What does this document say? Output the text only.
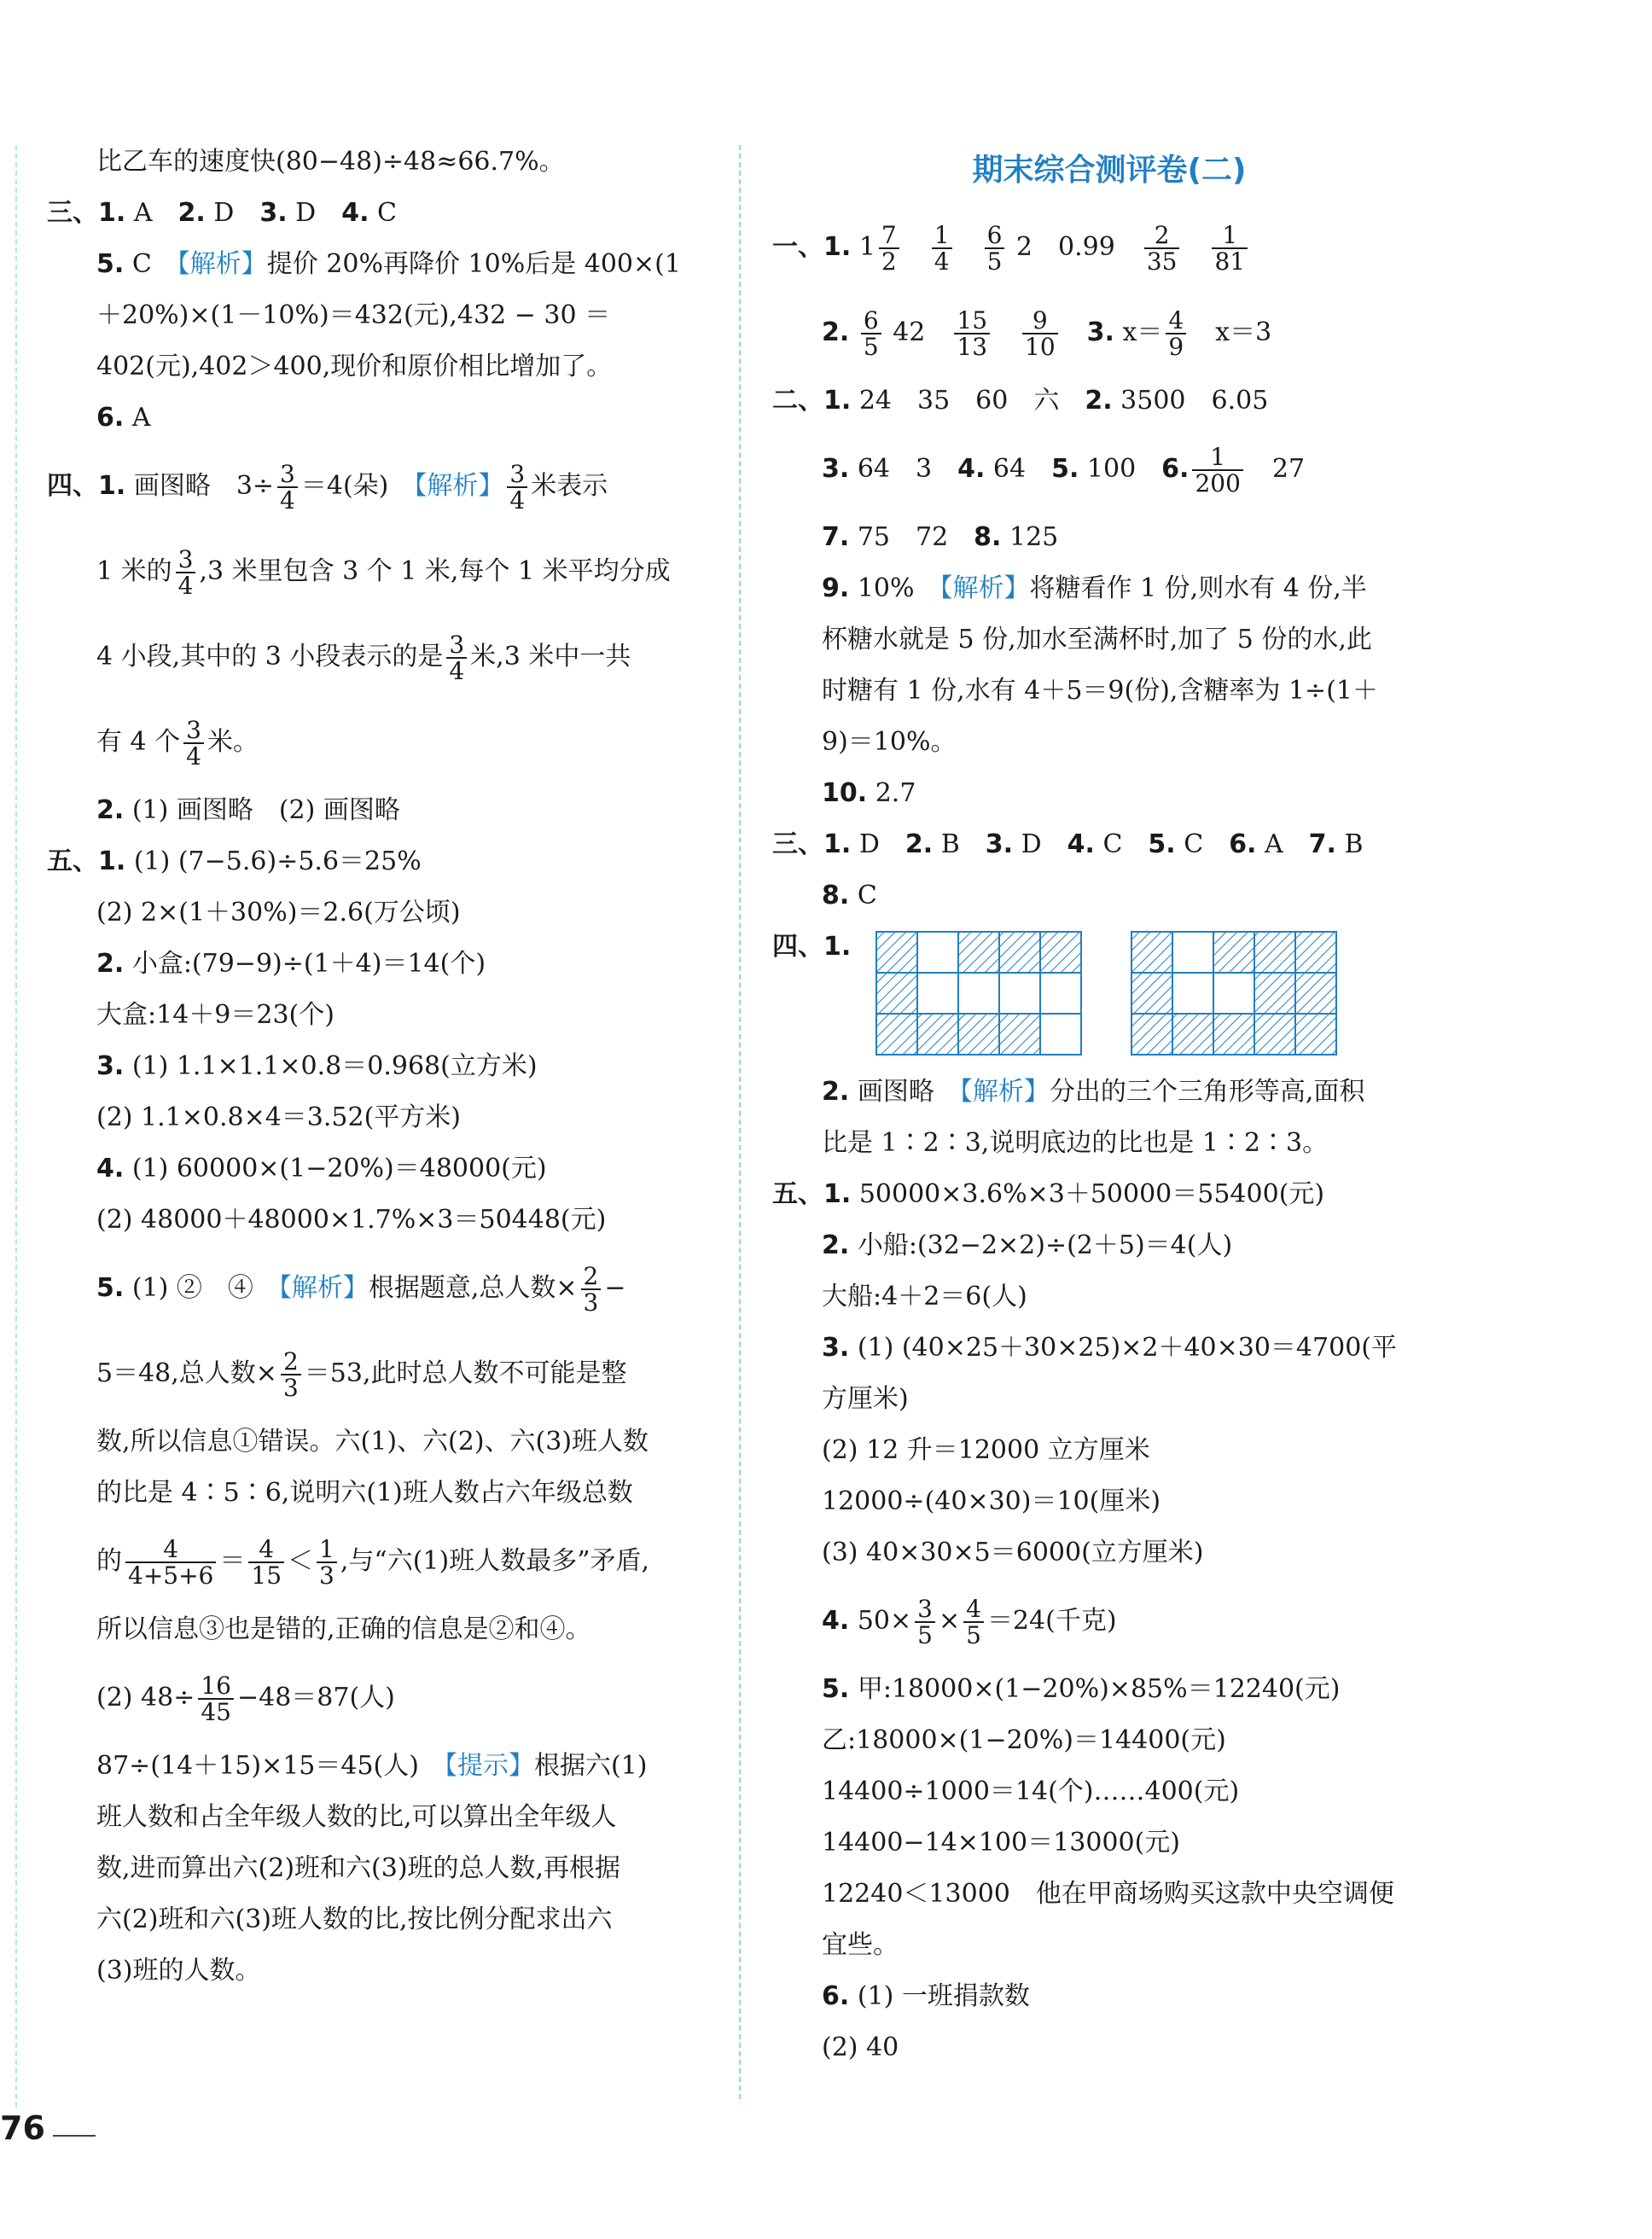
比乙车的速度快(80−48)÷48≈66.7%。
三、1. A　2. D　3. D　4. C
5. C　【解析】提价 20%再降价 10%后是 400×(1
＋20%)×(1－10%)＝432(元),432 − 30 ＝
402(元),402＞400,现价和原价相比增加了。
6. A
四、1. 画图略　$3\div \frac{3}{4} =4$(朵)　【解析】 $\frac{3}{4}$ 米表示
1 米的 $\frac{3}{4} ,3$ 米里包含 3 个 1 米,每个 1 米平均分成
4 小段,其中的 3 小段表示的是 $\frac{3}{4}$ 米,3 米中一共
有 4 个 $\frac{3}{4}$ 米。
2. (1) 画图略　(2) 画图略
五、1. (1) (7−5.6)÷5.6＝25%
(2) 2×(1＋30%)＝2.6(万公顷)
2. 小盒:(79−9)÷(1＋4)＝14(个)
大盒:14＋9＝23(个)
3. (1) 1.1×1.1×0.8＝0.968(立方米)
(2) 1.1×0.8×4＝3.52(平方米)
4. (1) 60000×(1−20%)＝48000(元)
(2) 48000＋48000×1.7%×3＝50448(元)
5. (1) ②　④　【解析】根据题意,总人数× $\frac{2}{3}$ −
5＝48,总人数× $\frac{2}{3} =53$,此时总人数不可能是整
数,所以信息①错误。六(1)、六(2)、六(3)班人数
的比是 4∶5∶6,说明六(1)班人数占六年级总数
的 $\frac{4}{4+5+6} = \frac{4}{15} < \frac{1}{3}$ ,与“六(1)班人数最多”矛盾,
所以信息③也是错的,正确的信息是②和④。
(2) $48\div \frac{16}{45} -48=87$(人)
87÷(14＋15)×15＝45(人)　【提示】根据六(1)
班人数和占全年级人数的比,可以算出全年级人
数,进而算出六(2)班和六(3)班的总人数,再根据
六(2)班和六(3)班人数的比,按比例分配求出六
(3)班的人数。
期末综合测评卷(二)
一、1. $1 \frac{7}{2}$
　 $\frac{1}{4}$
　 $\frac{6}{5} 2$　0.99　 $\frac{2}{35}$
　 $\frac{1}{81}$
2. $\frac{6}{5} 42$　 $\frac{15}{13}$
　 $\frac{9}{10}$
　 3. $x= \frac{4}{9}$ 　x＝3
二、1. 24　35　60　六　2. 3500　6.05
3. 64　3　4. 64　5. 100　6. $\frac{1}{200}$ 　27
7. 75　72　8. 125
9. 10%　【解析】将糖看作 1 份,则水有 4 份,半
杯糖水就是 5 份,加水至满杯时,加了 5 份的水,此
时糖有 1 份,水有 4＋5＝9(份),含糖率为 1÷(1＋
9)＝10%。
10. 2.7
三、1. D　2. B　3. D　4. C　5. C　6. A　7. B
8. C
四、1.
2. 画图略　【解析】分出的三个三角形等高,面积
比是 1∶2∶3,说明底边的比也是 1∶2∶3。
五、1. 50000×3.6%×3＋50000＝55400(元)
2. 小船:(32−2×2)÷(2＋5)＝4(人)
大船:4＋2＝6(人)
3. (1) (40×25＋30×25)×2＋40×30＝4700(平
方厘米)
(2) 12 升＝12000 立方厘米
12000÷(40×30)＝10(厘米)
(3) 40×30×5＝6000(立方厘米)
4. $50\times \frac{3}{5} \times \frac{4}{5} =24$(千克)
5. 甲:18000×(1−20%)×85%＝12240(元)
乙:18000×(1−20%)＝14400(元)
14400÷1000＝14(个)……400(元)
14400−14×100＝13000(元)
12240＜13000　他在甲商场购买这款中央空调便
宜些。
6. (1) 一班捐款数
(2) 40
76
